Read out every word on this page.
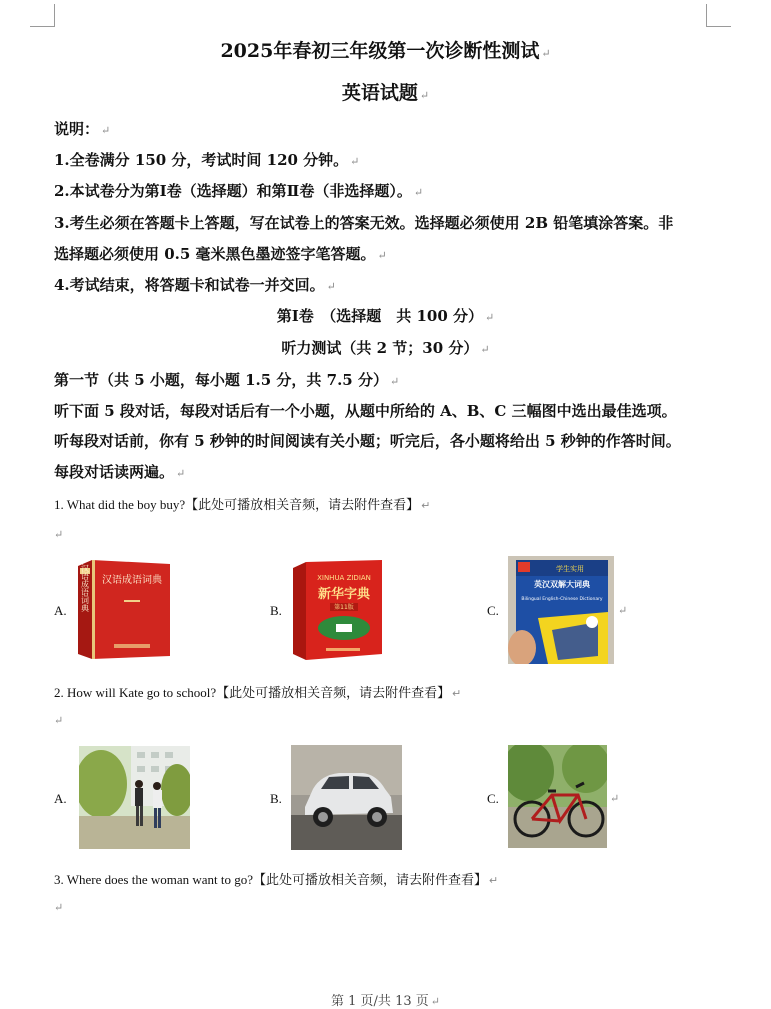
2025年春初三年级第一次诊断性测试 ↵
英语试题 ↵
说明： ↵
1.全卷满分 150 分，考试时间 120 分钟。 ↵
2.本试卷分为第Ⅰ卷（选择题）和第Ⅱ卷（非选择题）。 ↵
3.考生必须在答题卡上答题，写在试卷上的答案无效。选择题必须使用 2B 铅笔填涂答案。非
选择题必须使用 0.5 毫米黑色墨迹签字笔答题。 ↵
4.考试结束，将答题卡和试卷一并交回。 ↵
第Ⅰ卷　（选择题　共 100 分） ↵
听力测试（共 2 节；30 分） ↵
第一节（共 5 小题，每小题 1.5 分，共 7.5 分） ↵
听下面 5 段对话，每段对话后有一个小题，从题中所给的 A、B、C 三幅图中选出最佳选项。
听每段对话前，你有 5 秒钟的时间阅读有关小题；听完后，各小题将给出 5 秒钟的作答时间。
每段对话读两遍。 ↵
1. What did the boy buy?【此处可播放相关音频，请去附件查看】 ↵
↵
A.	B.	C.	↵
汉语成语词典
汉语成语词典	XINHUA ZIDIAN
新华字典
第11版
学生实用
英汉双解大词典
Bilingual English-Chinese Dictionary
2. How will Kate go to school?【此处可播放相关音频，请去附件查看】 ↵
↵
A.	B.	C.	↵
3. Where does the woman want to go?【此处可播放相关音频，请去附件查看】 ↵
↵
第 1 页/共 13 页 ↵
